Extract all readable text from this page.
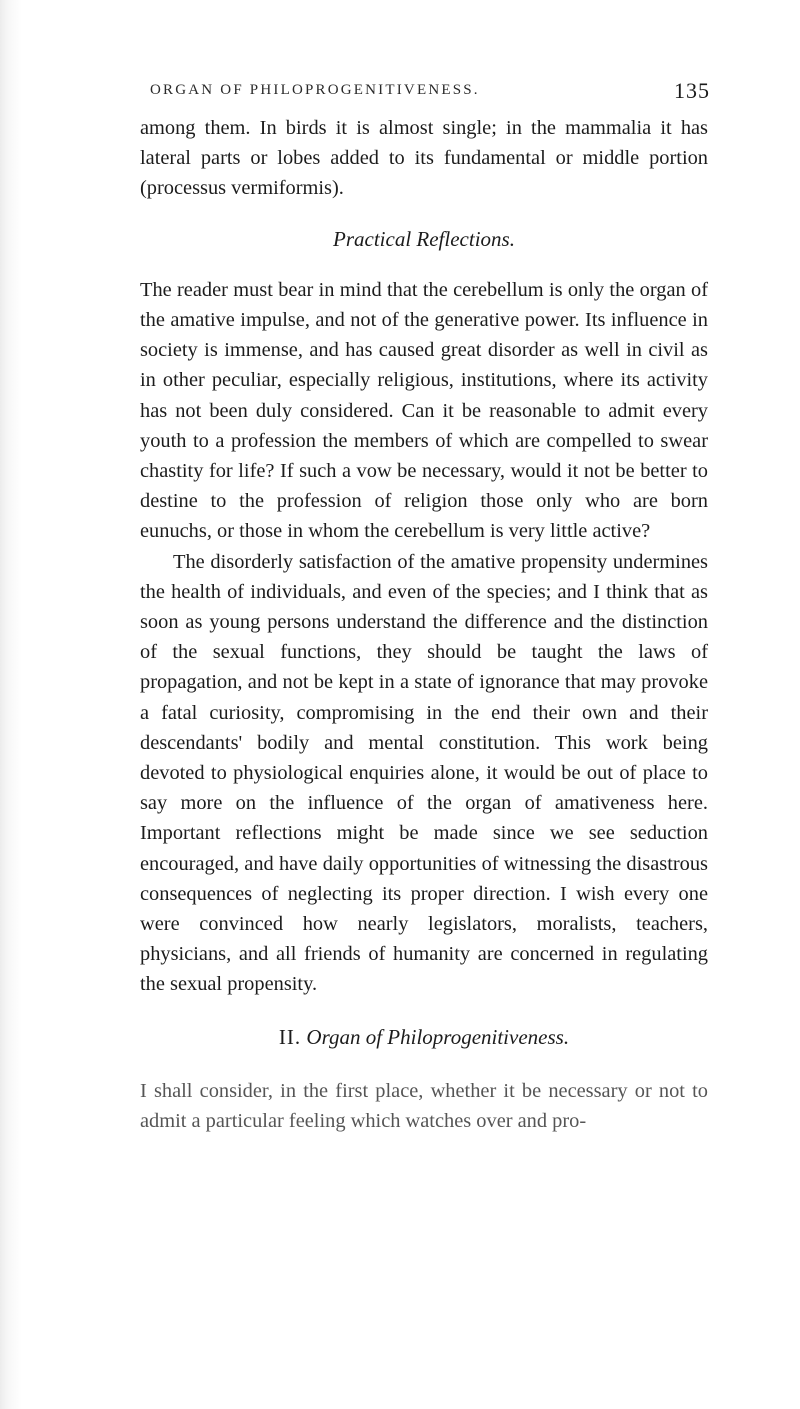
ORGAN OF PHILOPROGENITIVENESS.	135

among them. In birds it is almost single; in the mammalia it has lateral parts or lobes added to its fundamental or middle portion (processus vermiformis).

Practical Reflections.

The reader must bear in mind that the cerebellum is only the organ of the amative impulse, and not of the generative power. Its influence in society is immense, and has caused great disorder as well in civil as in other peculiar, especially religious, institutions, where its activity has not been duly considered. Can it be reasonable to admit every youth to a profession the members of which are compelled to swear chastity for life? If such a vow be necessary, would it not be better to destine to the profession of religion those only who are born eunuchs, or those in whom the cerebellum is very little active?

The disorderly satisfaction of the amative propensity undermines the health of individuals, and even of the species; and I think that as soon as young persons understand the difference and the distinction of the sexual functions, they should be taught the laws of propagation, and not be kept in a state of ignorance that may provoke a fatal curiosity, compromising in the end their own and their descendants' bodily and mental constitution. This work being devoted to physiological enquiries alone, it would be out of place to say more on the influence of the organ of amativeness here. Important reflections might be made since we see seduction encouraged, and have daily opportunities of witnessing the disastrous consequences of neglecting its proper direction. I wish every one were convinced how nearly legislators, moralists, teachers, physicians, and all friends of humanity are concerned in regulating the sexual propensity.

II. Organ of Philoprogenitiveness.

I shall consider, in the first place, whether it be necessary or not to admit a particular feeling which watches over and pro-
